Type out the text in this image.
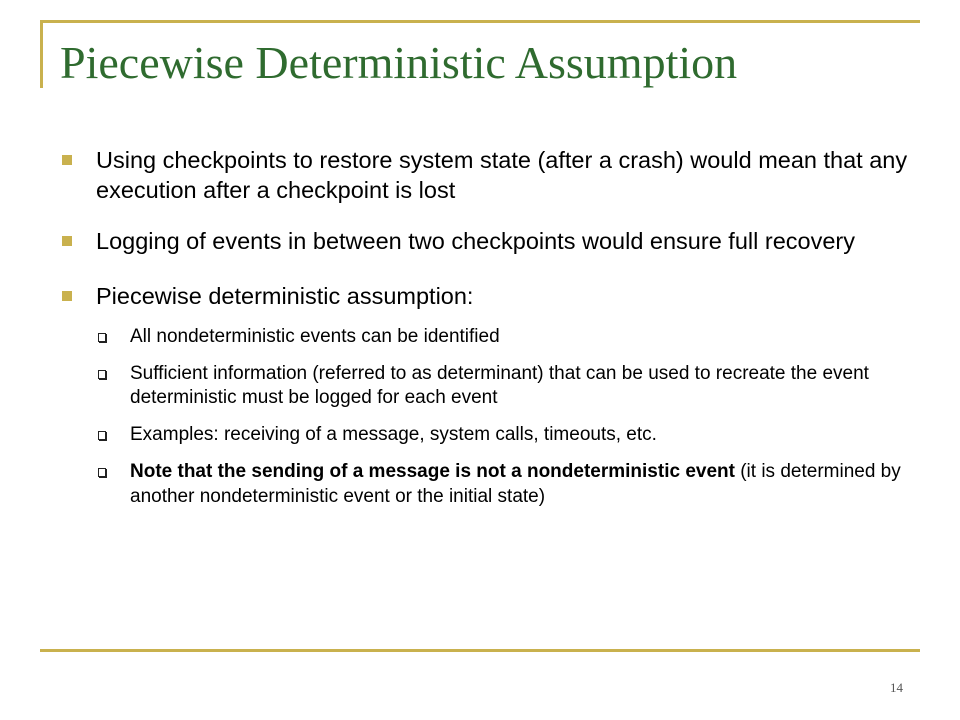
Piecewise Deterministic Assumption
Using checkpoints to restore system state (after a crash) would mean that any execution after a checkpoint is lost
Logging of events in between two checkpoints would ensure full recovery
Piecewise deterministic assumption:
All nondeterministic events can be identified
Sufficient information (referred to as determinant) that can be used to recreate the event deterministic must be logged for each event
Examples: receiving of a message, system calls, timeouts, etc.
Note that the sending of a message is not a nondeterministic event (it is determined by another nondeterministic event or the initial state)
14
